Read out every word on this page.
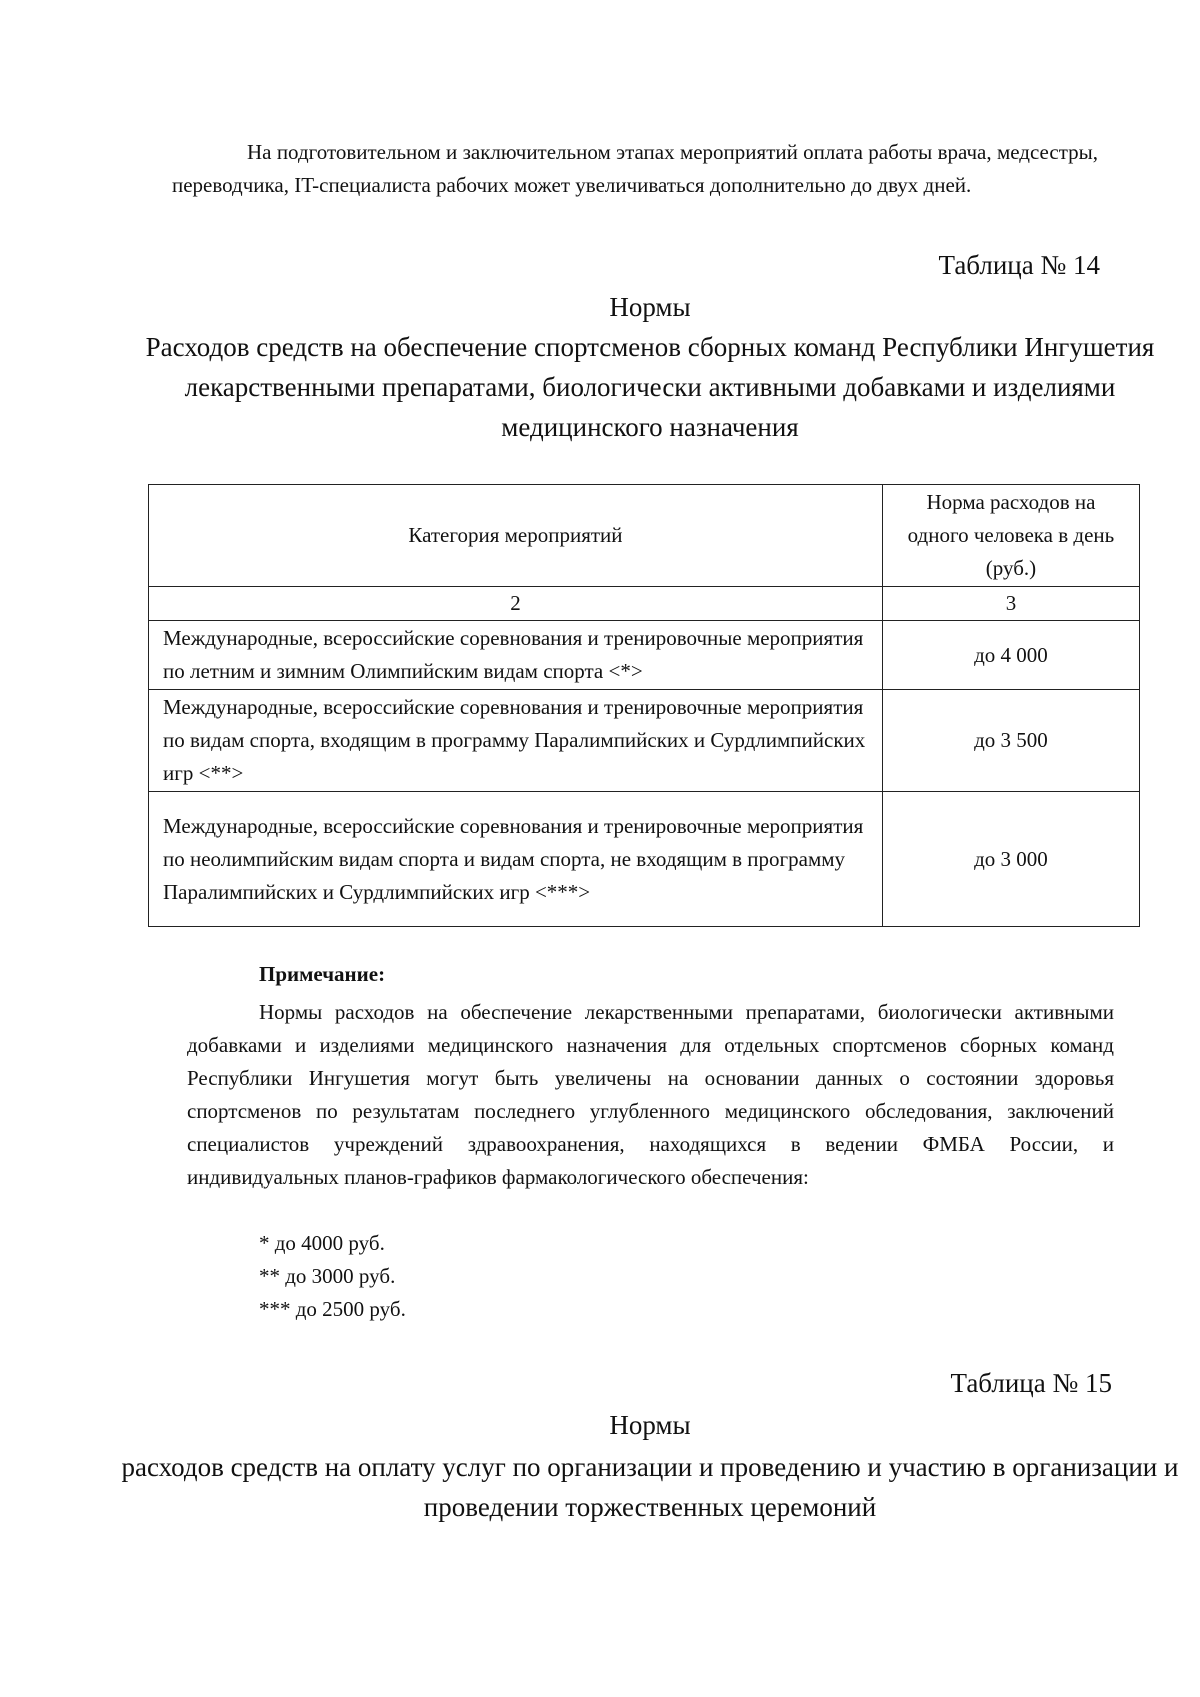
На подготовительном и заключительном этапах мероприятий оплата работы врача, медсестры, переводчика, IT-специалиста рабочих может увеличиваться дополнительно до двух дней.

Таблица № 14

Нормы

Расходов средств на обеспечение спортсменов сборных команд Республики Ингушетия лекарственными препаратами, биологически активными добавками и изделиями медицинского назначения

Категория мероприятий	Норма расходов на одного человека в день (руб.)
2	3
Международные, всероссийские соревнования и тренировочные мероприятия по летним и зимним Олимпийским видам спорта <*>	до 4 000
Международные, всероссийские соревнования и тренировочные мероприятия по видам спорта, входящим в программу Паралимпийских и Сурдлимпийских игр <**>	до 3 500
Международные, всероссийские соревнования и тренировочные мероприятия по неолимпийским видам спорта и видам спорта, не входящим в программу Паралимпийских и Сурдлимпийских игр <***>	до 3 000

Примечание:

Нормы расходов на обеспечение лекарственными препаратами, биологически активными добавками и изделиями медицинского назначения для отдельных спортсменов сборных команд Республики Ингушетия могут быть увеличены на основании данных о состоянии здоровья спортсменов по результатам последнего углубленного медицинского обследования, заключений специалистов учреждений здравоохранения, находящихся в ведении ФМБА России, и индивидуальных планов-графиков фармакологического обеспечения:

* до 4000 руб.
** до 3000 руб.
*** до 2500 руб.

Таблица № 15

Нормы

расходов средств на оплату услуг по организации и проведению и участию в организации и проведении торжественных церемоний
